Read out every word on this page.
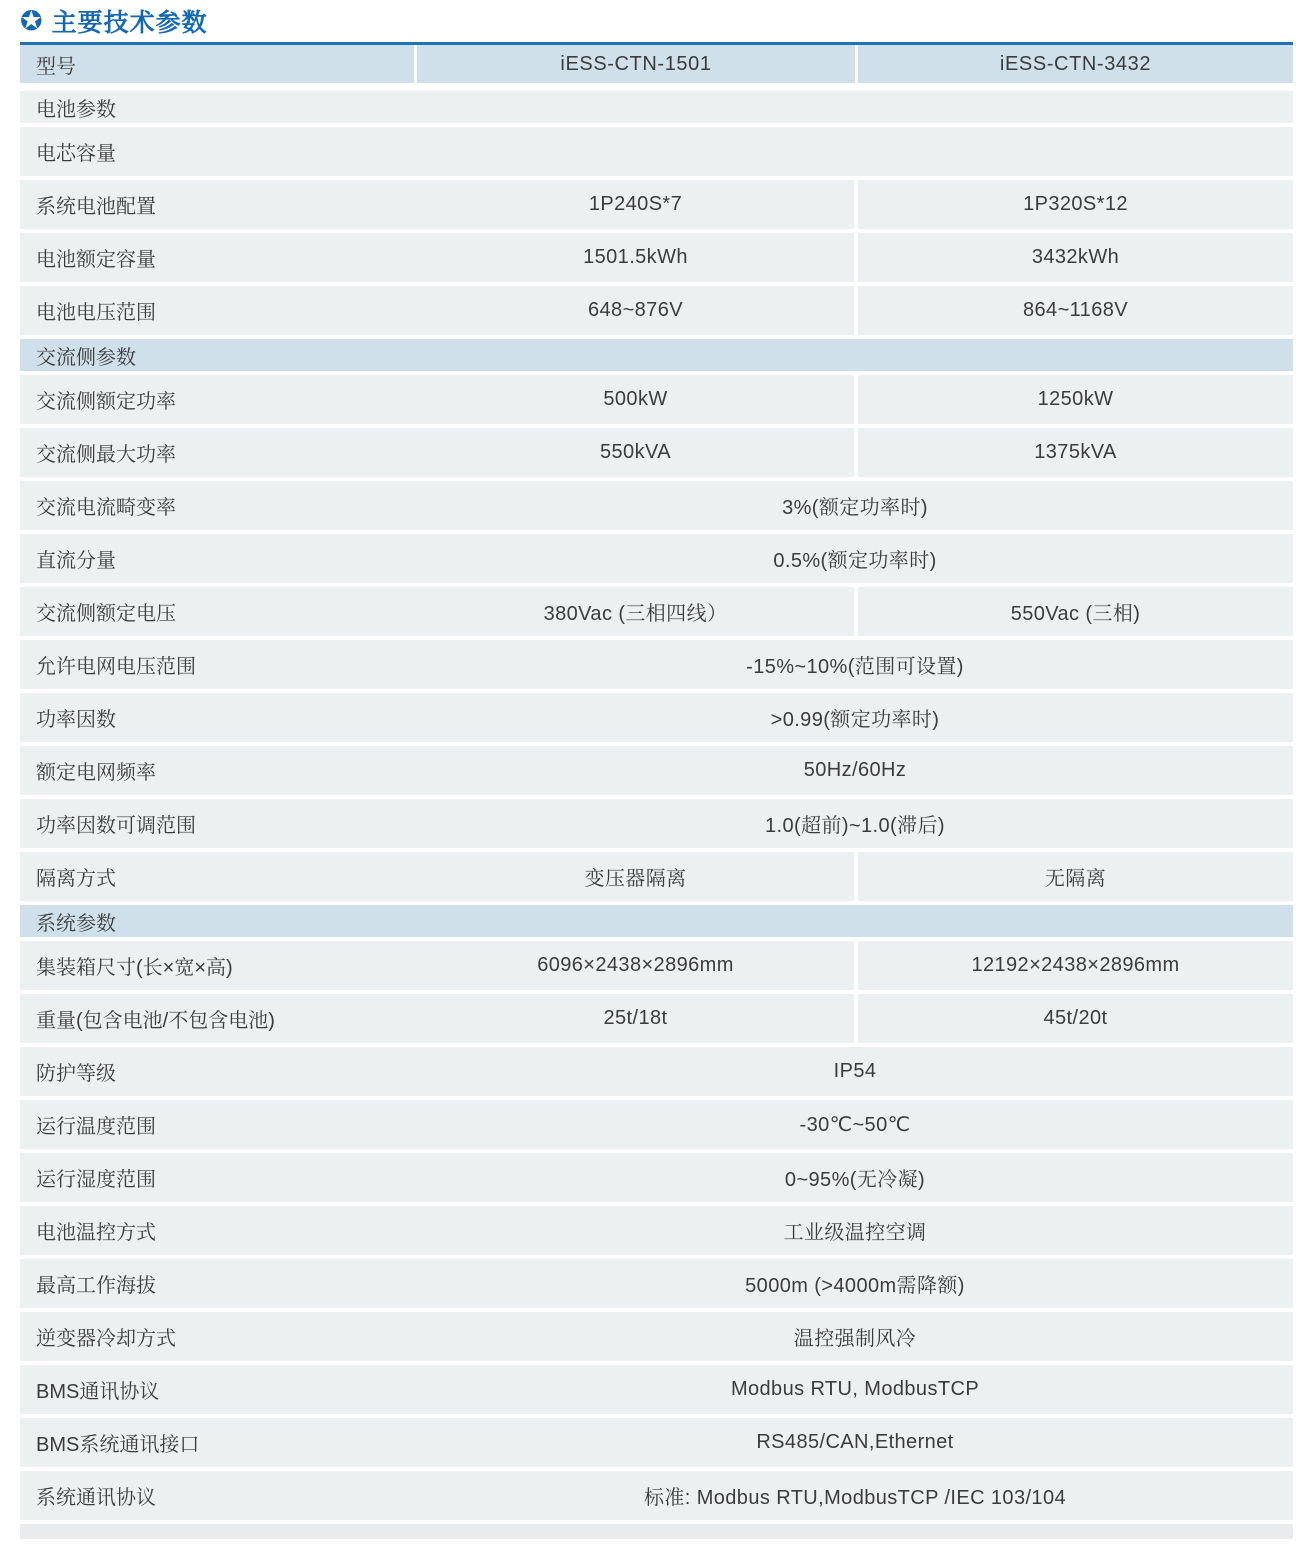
✪ 主要技术参数
型号	iESS-CTN-1501	iESS-CTN-3432
电池参数
电芯容量
系统电池配置	1P240S*7	1P320S*12
电池额定容量	1501.5kWh	3432kWh
电池电压范围	648~876V	864~1168V
交流侧参数
交流侧额定功率	500kW	1250kW
交流侧最大功率	550kVA	1375kVA
交流电流畸变率	3%(额定功率时)
直流分量	0.5%(额定功率时)
交流侧额定电压	380Vac (三相四线）	550Vac (三相)
允许电网电压范围	-15%~10%(范围可设置)
功率因数	>0.99(额定功率时)
额定电网频率	50Hz/60Hz
功率因数可调范围	1.0(超前)~1.0(滞后)
隔离方式	变压器隔离	无隔离
系统参数
集装箱尺寸(长×宽×高)	6096×2438×2896mm	12192×2438×2896mm
重量(包含电池/不包含电池)	25t/18t	45t/20t
防护等级	IP54
运行温度范围	-30℃~50℃
运行湿度范围	0~95%(无冷凝)
电池温控方式	工业级温控空调
最高工作海拔	5000m (>4000m需降额)
逆变器冷却方式	温控强制风冷
BMS通讯协议	Modbus RTU, ModbusTCP
BMS系统通讯接口	RS485/CAN,Ethernet
系统通讯协议	标准: Modbus RTU,ModbusTCP /IEC 103/104
